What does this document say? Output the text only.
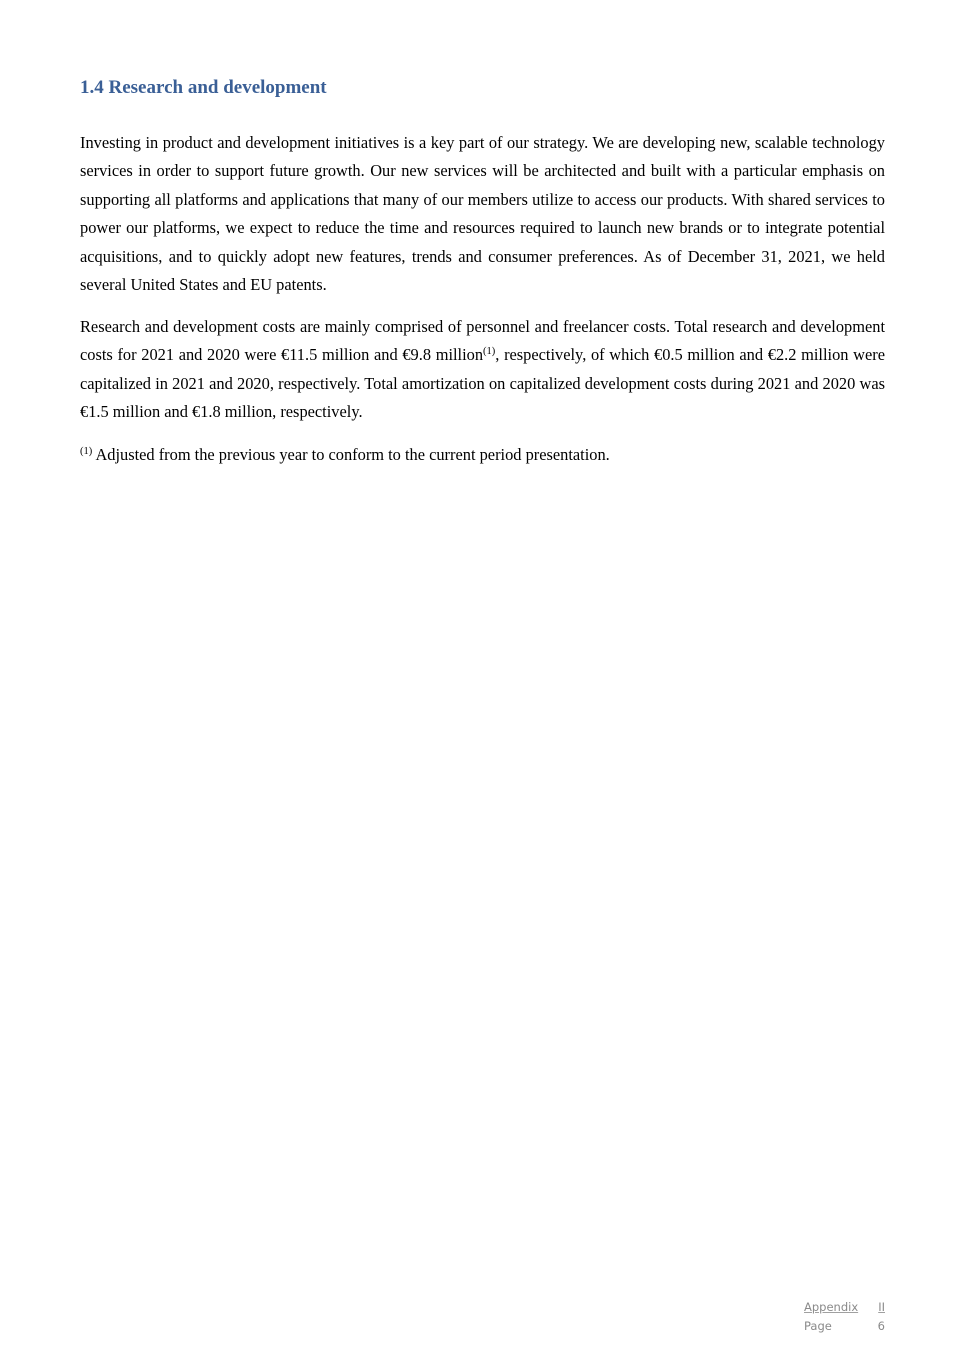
1.4 Research and development

Investing in product and development initiatives is a key part of our strategy. We are developing new, scalable technology services in order to support future growth. Our new services will be architected and built with a particular emphasis on supporting all platforms and applications that many of our members utilize to access our products. With shared services to power our platforms, we expect to reduce the time and resources required to launch new brands or to integrate potential acquisitions, and to quickly adopt new features, trends and consumer preferences. As of December 31, 2021, we held several United States and EU patents.

Research and development costs are mainly comprised of personnel and freelancer costs. Total research and development costs for 2021 and 2020 were €11.5 million and €9.8 million$^{(1)}$, respectively, of which €0.5 million and €2.2 million were capitalized in 2021 and 2020, respectively. Total amortization on capitalized development costs during 2021 and 2020 was €1.5 million and €1.8 million, respectively.

$^{(1)}$ Adjusted from the previous year to conform to the current period presentation.

Appendix II
Page	6
